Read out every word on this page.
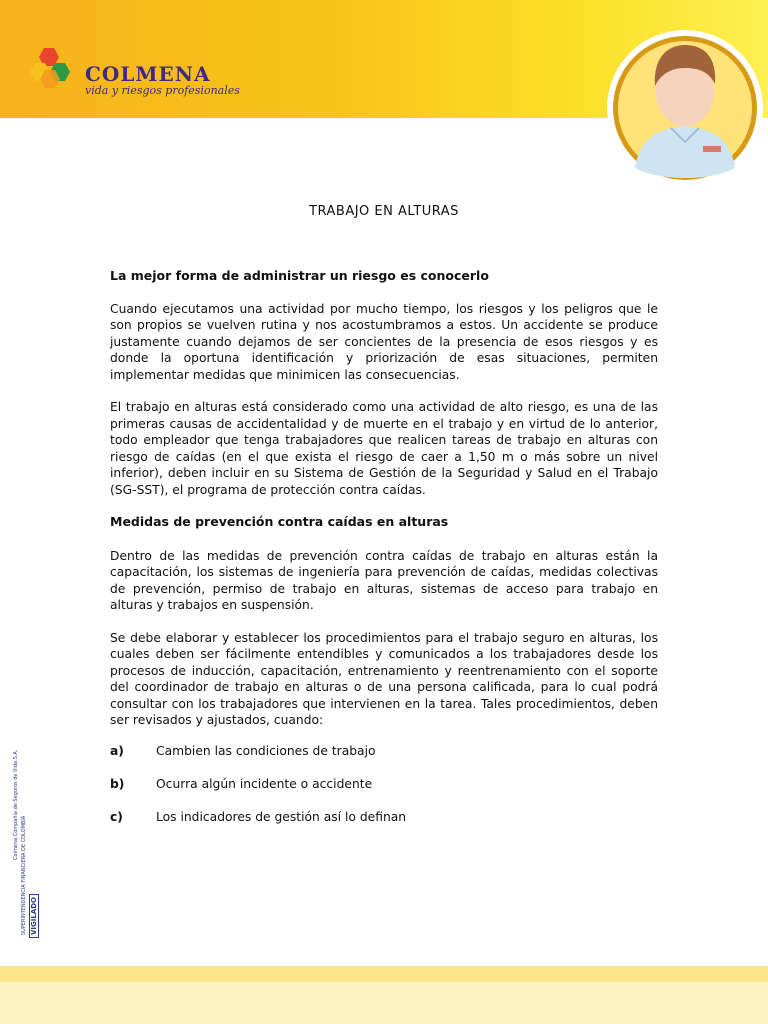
COLMENA
vida y riesgos profesionales
TRABAJO EN ALTURAS
La mejor forma de administrar un riesgo es conocerlo

Cuando ejecutamos una actividad por mucho tiempo, los riesgos y los peligros que le son propios se vuelven rutina y nos acostumbramos a estos. Un accidente se produce justamente cuando dejamos de ser concientes de la presencia de esos riesgos y es donde la oportuna identificación y priorización de esas situaciones, permiten implementar medidas que minimicen las consecuencias.

El trabajo en alturas está considerado como una actividad de alto riesgo, es una de las primeras causas de accidentalidad y de muerte en el trabajo y en virtud de lo anterior, todo empleador que tenga trabajadores que realicen tareas de trabajo en alturas con riesgo de caídas (en el que exista el riesgo de caer a 1,50 m o más sobre un nivel inferior), deben incluir en su Sistema de Gestión de la Seguridad y Salud en el Trabajo (SG-SST), el programa de protección contra caídas.

Medidas de prevención contra caídas en alturas

Dentro de las medidas de prevención contra caídas de trabajo en alturas están la capacitación, los sistemas de ingeniería para prevención de caídas, medidas colectivas de prevención, permiso de trabajo en alturas, sistemas de acceso para trabajo en alturas y trabajos en suspensión.

Se debe elaborar y establecer los procedimientos para el trabajo seguro en alturas, los cuales deben ser fácilmente entendibles y comunicados a los trabajadores desde los procesos de inducción, capacitación, entrenamiento y reentrenamiento con el soporte del coordinador de trabajo en alturas o de una persona calificada, para lo cual podrá consultar con los trabajadores que intervienen en la tarea. Tales procedimientos, deben ser revisados y ajustados, cuando:

a)	Cambien las condiciones de trabajo
b)	Ocurra algún incidente o accidente
c)	Los indicadores de gestión así lo definan
Colmena Compañía de Seguros de Vida S.A.
SUPERINTENDENCIA FINANCIERA DE COLOMBIA VIGILADO
